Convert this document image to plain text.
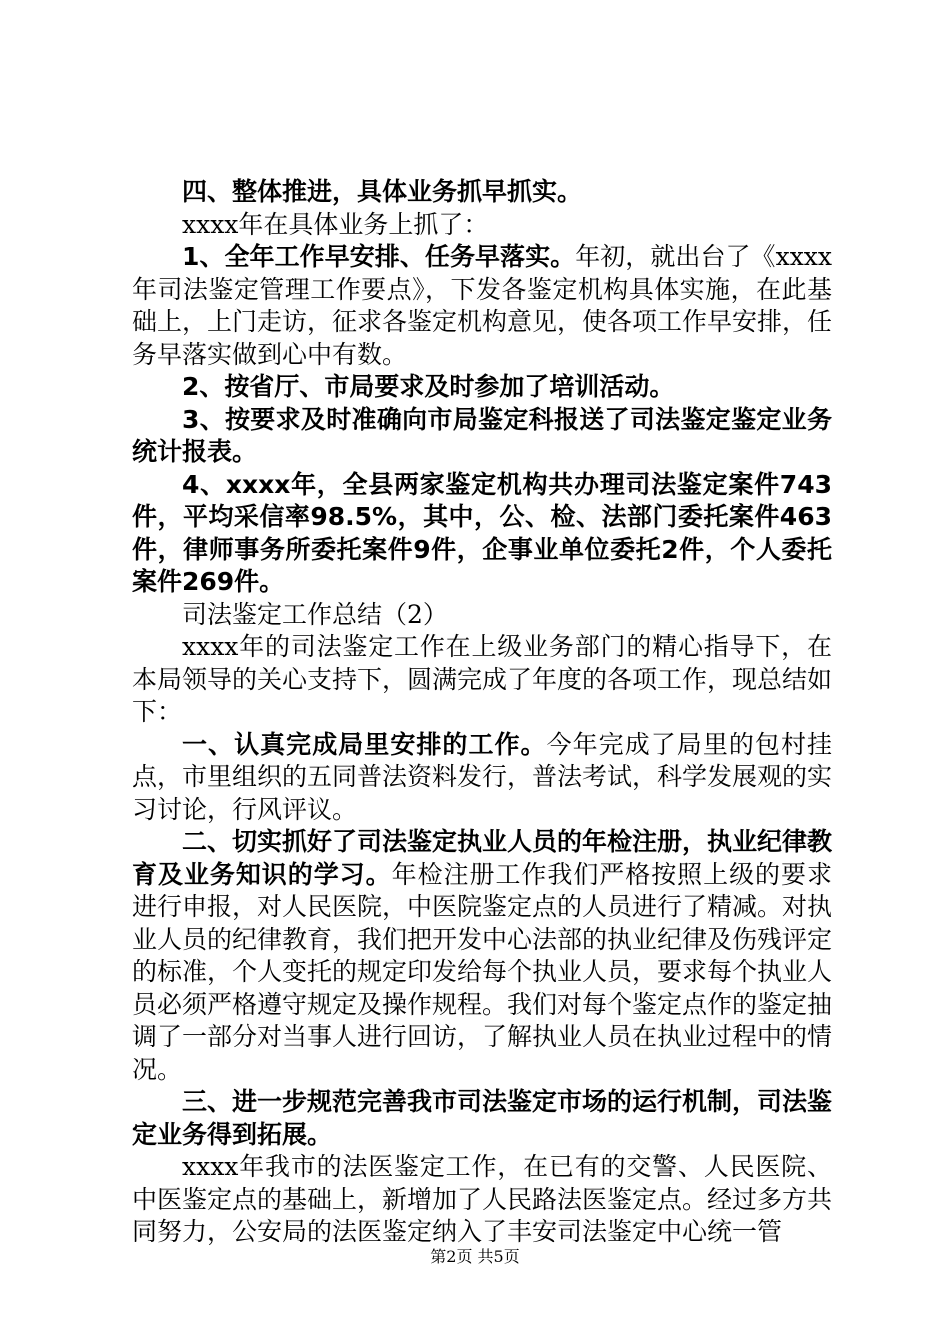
四、整体推进，具体业务抓早抓实。

xxxx年在具体业务上抓了：

1、全年工作早安排、任务早落实。年初，就出台了《xxxx年司法鉴定管理工作要点》，下发各鉴定机构具体实施，在此基础上，上门走访，征求各鉴定机构意见，使各项工作早安排，任务早落实做到心中有数。

2、按省厅、市局要求及时参加了培训活动。

3、按要求及时准确向市局鉴定科报送了司法鉴定鉴定业务统计报表。

4、xxxx年，全县两家鉴定机构共办理司法鉴定案件743件，平均采信率98.5%，其中，公、检、法部门委托案件463件，律师事务所委托案件9件，企事业单位委托2件，个人委托案件269件。

司法鉴定工作总结（2）

xxxx年的司法鉴定工作在上级业务部门的精心指导下，在本局领导的关心支持下，圆满完成了年度的各项工作，现总结如下：

一、认真完成局里安排的工作。今年完成了局里的包村挂点，市里组织的五同普法资料发行，普法考试，科学发展观的实习讨论，行风评议。

二、切实抓好了司法鉴定执业人员的年检注册，执业纪律教育及业务知识的学习。年检注册工作我们严格按照上级的要求进行申报，对人民医院，中医院鉴定点的人员进行了精减。对执业人员的纪律教育，我们把开发中心法部的执业纪律及伤残评定的标准，个人变托的规定印发给每个执业人员，要求每个执业人员必须严格遵守规定及操作规程。我们对每个鉴定点作的鉴定抽调了一部分对当事人进行回访，了解执业人员在执业过程中的情况。

三、进一步规范完善我市司法鉴定市场的运行机制，司法鉴定业务得到拓展。

xxxx年我市的法医鉴定工作，在已有的交警、人民医院、中医鉴定点的基础上，新增加了人民路法医鉴定点。经过多方共同努力，公安局的法医鉴定纳入了丰安司法鉴定中心统一管

第2页 共5页
